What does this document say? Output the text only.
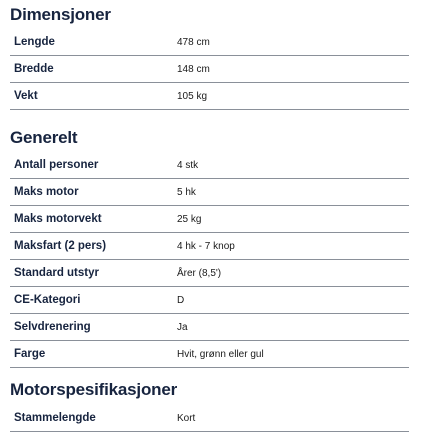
Dimensjoner
Lengde	478 cm
Bredde	148 cm
Vekt	105 kg
Generelt
Antall personer	4 stk
Maks motor	5 hk
Maks motorvekt	25 kg
Maksfart (2 pers)	4 hk - 7 knop
Standard utstyr	Årer (8,5')
CE-Kategori	D
Selvdrenering	Ja
Farge	Hvit, grønn eller gul
Motorspesifikasjoner
Stammelengde	Kort
